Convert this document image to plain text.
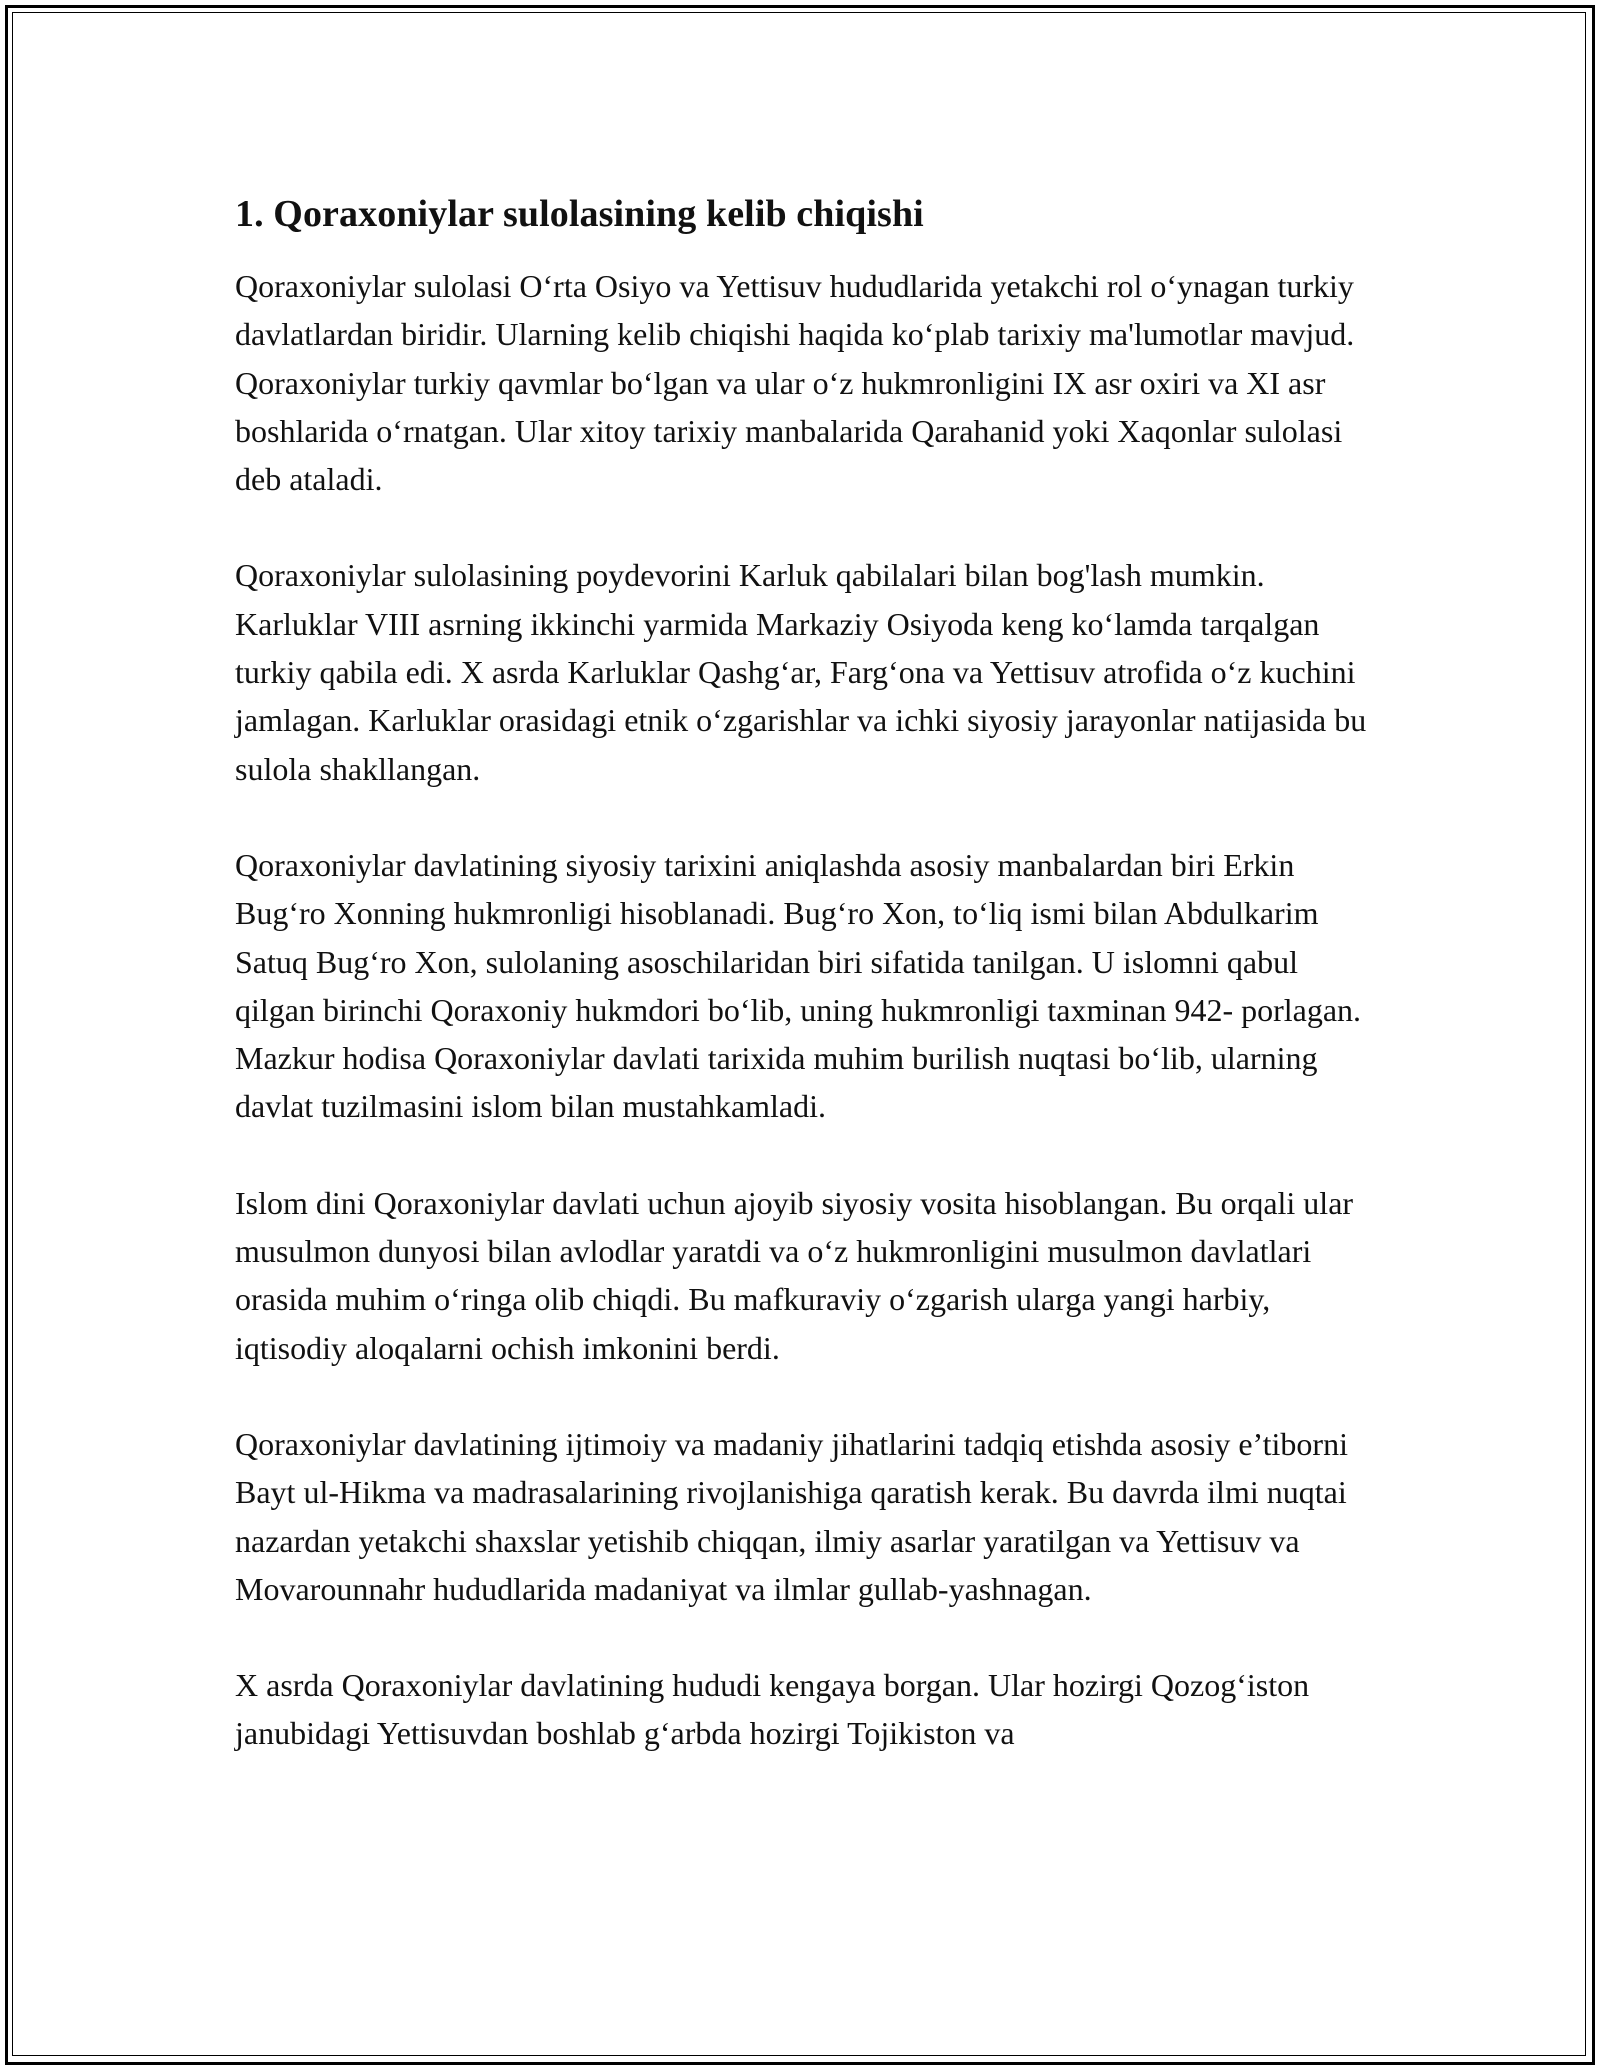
1. Qoraxoniylar sulolasining kelib chiqishi

Qoraxoniylar sulolasi O‘rta Osiyo va Yettisuv hududlarida yetakchi rol o‘ynagan turkiy davlatlardan biridir. Ularning kelib chiqishi haqida ko‘plab tarixiy ma'lumotlar mavjud. Qoraxoniylar turkiy qavmlar bo‘lgan va ular o‘z hukmronligini IX asr oxiri va XI asr boshlarida o‘rnatgan. Ular xitoy tarixiy manbalarida Qarahanid yoki Xaqonlar sulolasi deb ataladi.

Qoraxoniylar sulolasining poydevorini Karluk qabilalari bilan bog'lash mumkin. Karluklar VIII asrning ikkinchi yarmida Markaziy Osiyoda keng ko‘lamda tarqalgan turkiy qabila edi. X asrda Karluklar Qashg‘ar, Farg‘ona va Yettisuv atrofida o‘z kuchini jamlagan. Karluklar orasidagi etnik o‘zgarishlar va ichki siyosiy jarayonlar natijasida bu sulola shakllangan.

Qoraxoniylar davlatining siyosiy tarixini aniqlashda asosiy manbalardan biri Erkin Bug‘ro Xonning hukmronligi hisoblanadi. Bug‘ro Xon, to‘liq ismi bilan Abdulkarim Satuq Bug‘ro Xon, sulolaning asoschilaridan biri sifatida tanilgan. U islomni qabul qilgan birinchi Qoraxoniy hukmdori bo‘lib, uning hukmronligi taxminan 942- porlagan. Mazkur hodisa Qoraxoniylar davlati tarixida muhim burilish nuqtasi bo‘lib, ularning davlat tuzilmasini islom bilan mustahkamladi.

Islom dini Qoraxoniylar davlati uchun ajoyib siyosiy vosita hisoblangan. Bu orqali ular musulmon dunyosi bilan avlodlar yaratdi va o‘z hukmronligini musulmon davlatlari orasida muhim o‘ringa olib chiqdi. Bu mafkuraviy o‘zgarish ularga yangi harbiy, iqtisodiy aloqalarni ochish imkonini berdi.

Qoraxoniylar davlatining ijtimoiy va madaniy jihatlarini tadqiq etishda asosiy e’tiborni Bayt ul-Hikma va madrasalarining rivojlanishiga qaratish kerak. Bu davrda ilmi nuqtai nazardan yetakchi shaxslar yetishib chiqqan, ilmiy asarlar yaratilgan va Yettisuv va Movarounnahr hududlarida madaniyat va ilmlar gullab-yashnagan.

X asrda Qoraxoniylar davlatining hududi kengaya borgan. Ular hozirgi Qozog‘iston janubidagi Yettisuvdan boshlab g‘arbda hozirgi Tojikiston va
